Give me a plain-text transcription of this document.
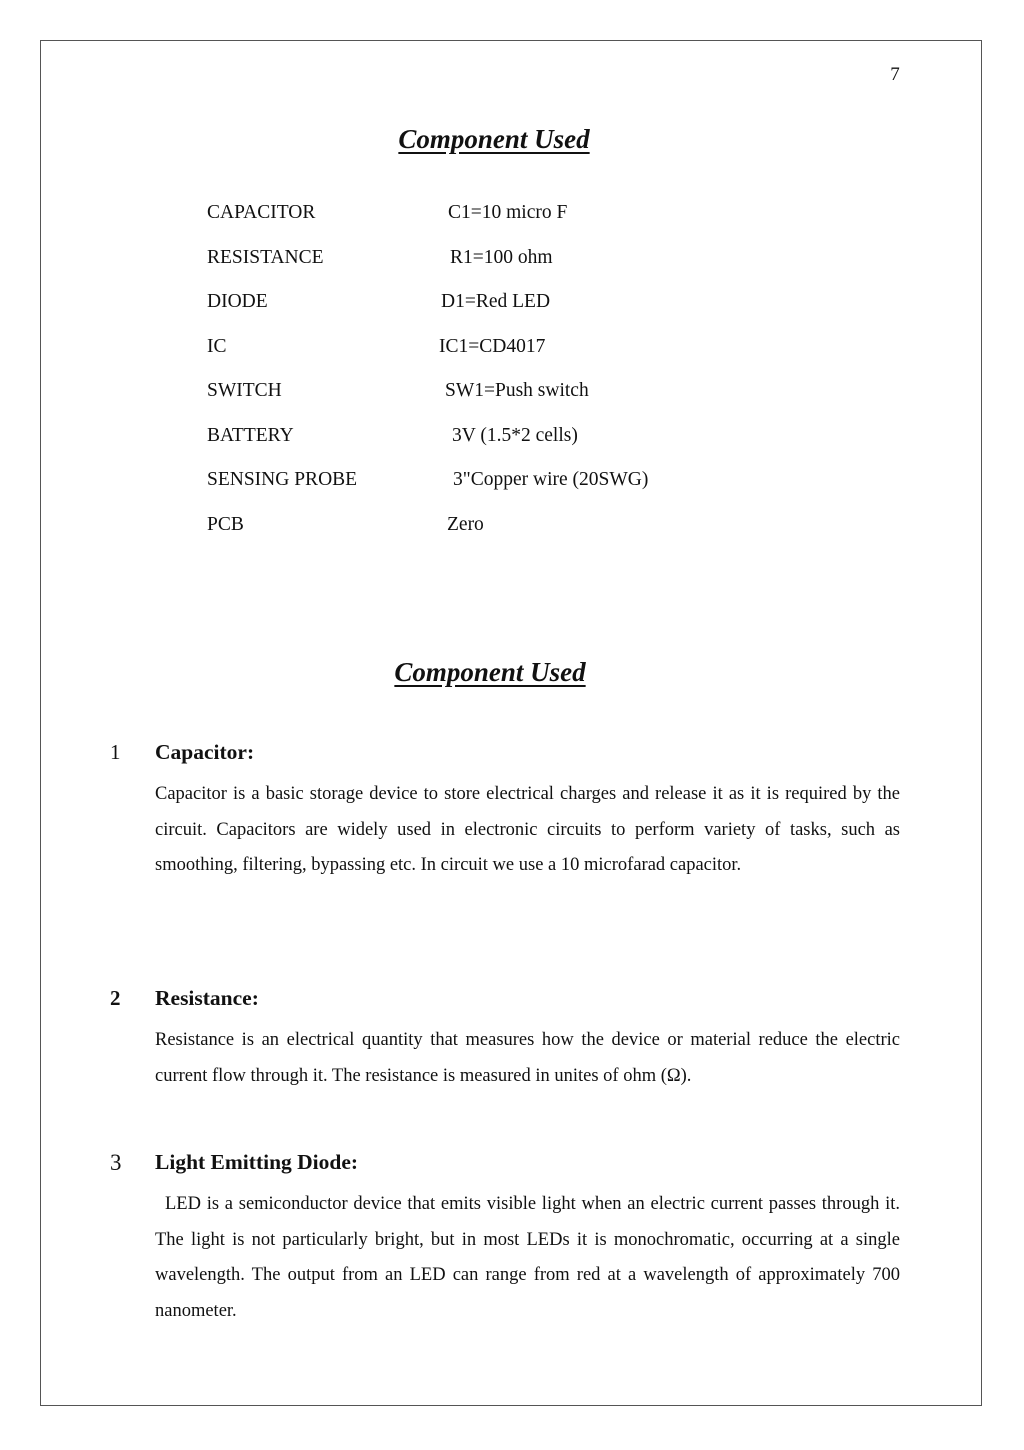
7
Component Used
CAPACITOR	C1=10 micro F
RESISTANCE	R1=100 ohm
DIODE	D1=Red LED
IC	IC1=CD4017
SWITCH	SW1=Push switch
BATTERY	3V (1.5*2 cells)
SENSING PROBE	3"Copper wire (20SWG)
PCB	Zero
Component Used
1	Capacitor:
Capacitor is a basic storage device to store electrical charges and release it as it is required by the circuit. Capacitors are widely used in electronic circuits to perform variety of tasks, such as smoothing, filtering, bypassing etc. In circuit we use a 10 microfarad capacitor.
2	Resistance:
Resistance is an electrical quantity that measures how the device or material reduce the electric current flow through it. The resistance is measured in unites of ohm (Ω).
3	Light Emitting Diode:
LED is a semiconductor device that emits visible light when an electric current passes through it. The light is not particularly bright, but in most LEDs it is monochromatic, occurring at a single wavelength. The output from an LED can range from red at a wavelength of approximately 700 nanometer.
